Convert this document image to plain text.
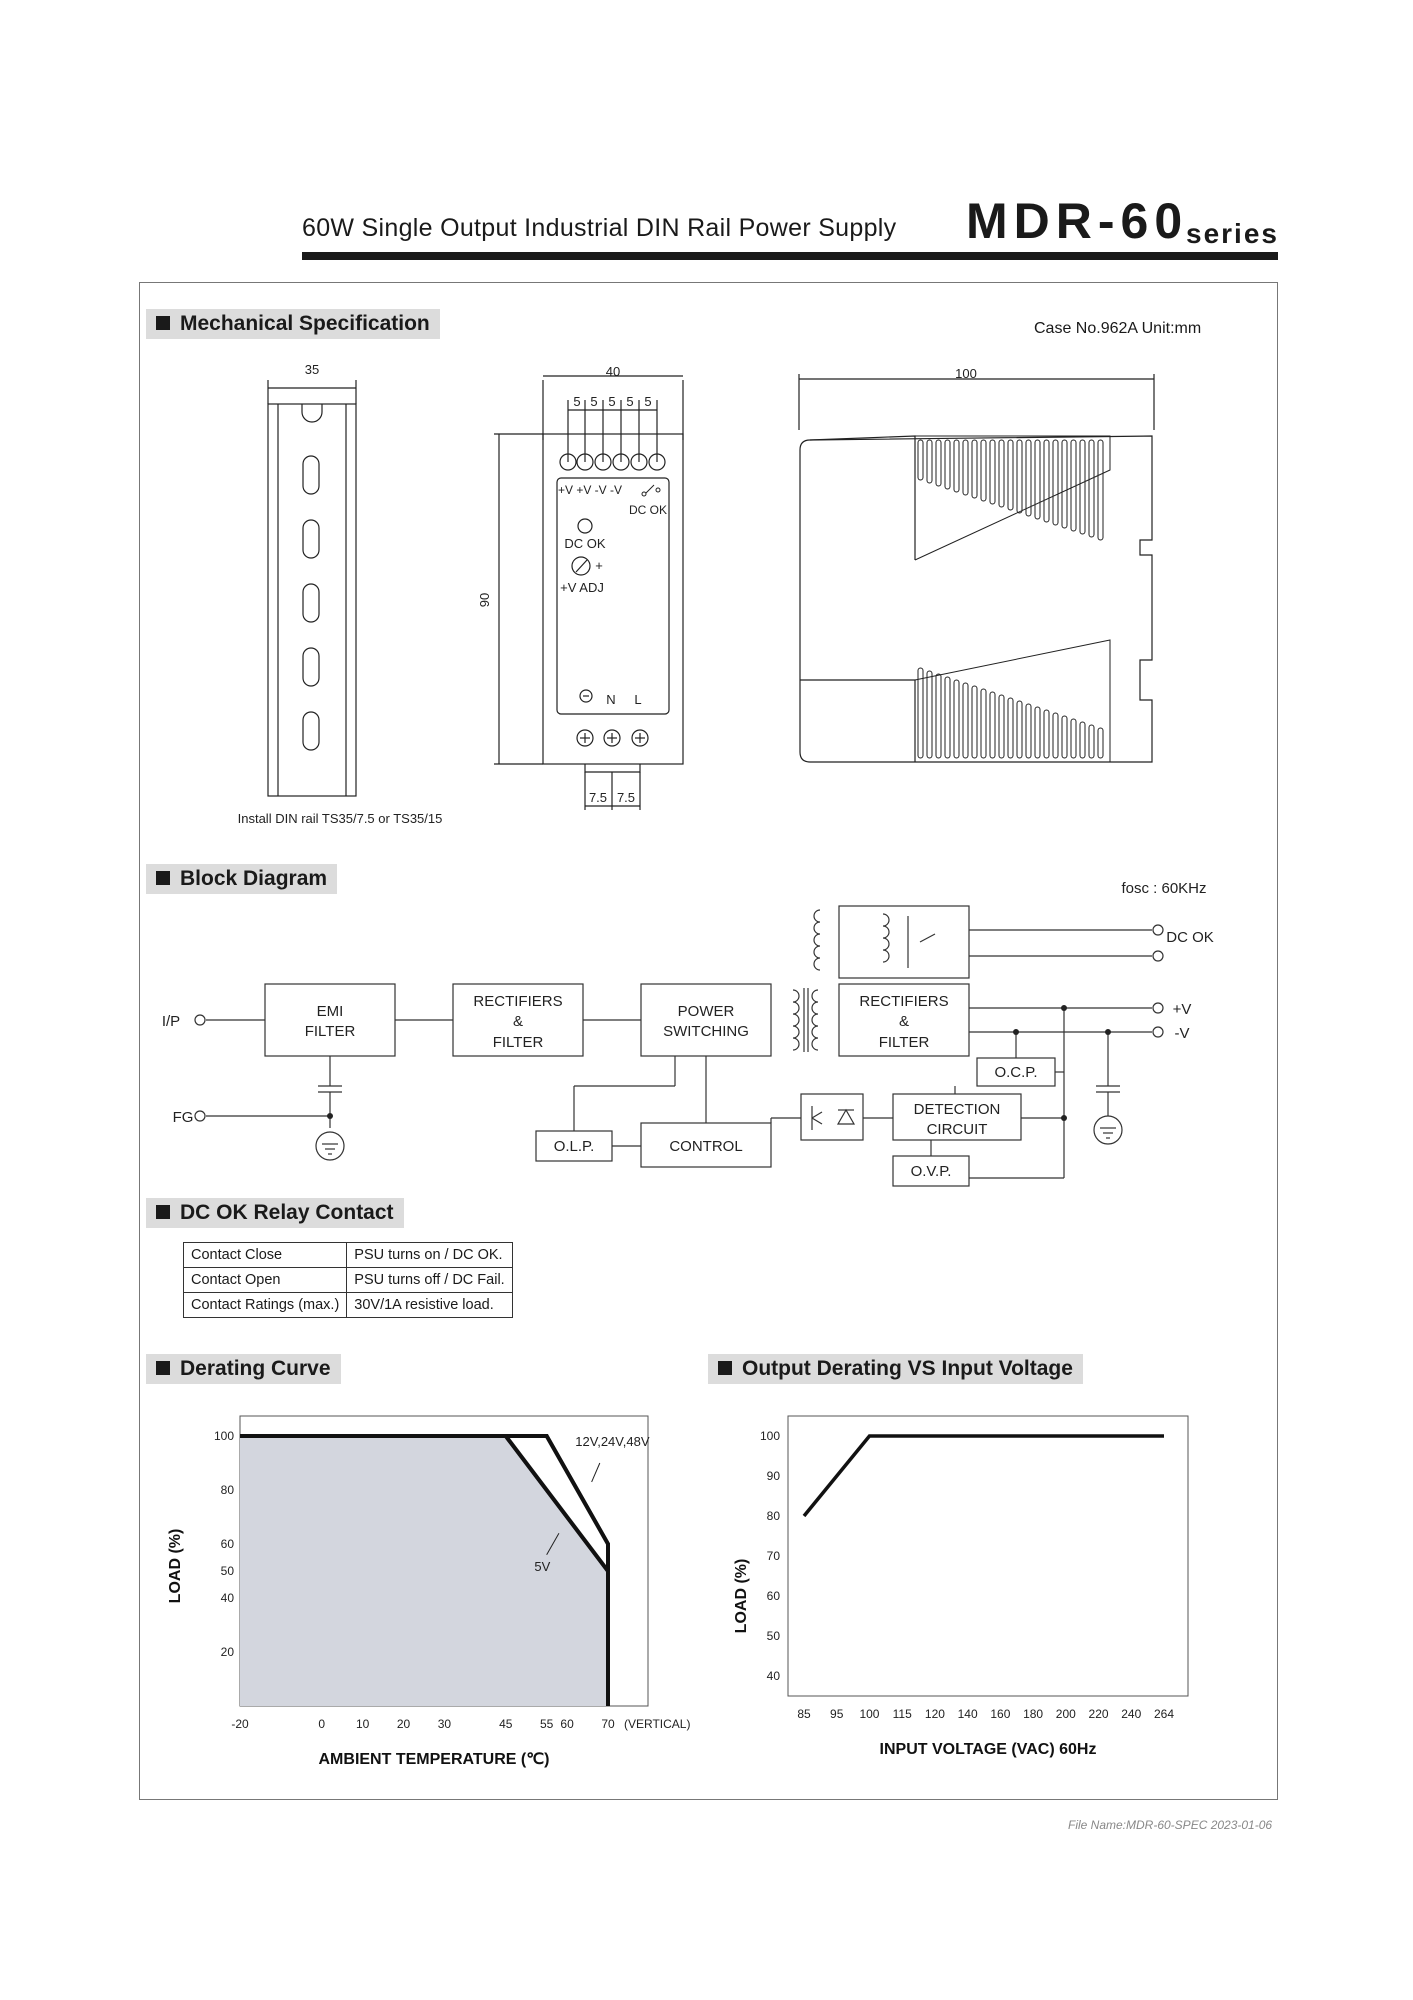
60W Single Output Industrial DIN Rail Power Supply MDR-60
series
Mechanical Specification
Block Diagram
DC OK Relay Contact
Derating Curve	Output Derating VS Input Voltage
Case No.962A Unit:mm
35
Install DIN rail TS35/7.5 or TS35/15
40
5 5 5 5 5
+V +V -V -V
DC OK
DC OK
+
+V ADJ
N L
7.5 7.5
100
90
fosc : 60KHz
DC OK
I/P
FG
+V
-V
EMI
FILTER
RECTIFIERS
&
FILTER
POWER
SWITCHING
RECTIFIERS
&
FILTER
O.C.P.
DETECTION
CIRCUIT
O.L.P.	CONTROL
O.V.P.
Contact Close	PSU turns on / DC OK.
Contact Open	PSU turns off / DC Fail.
Contact Ratings (max.)	30V/1A resistive load.
-20	0	10 20 30	45 55 60 70 (VERTICAL)
100
80
60
50
40
20
AMBIENT TEMPERATURE (℃)
LOAD (%)
12V,24V,48V
5V
85 95 100 115 120 140 160 180 200 220 240 264
100
90
80
70
60
50
40
INPUT VOLTAGE (VAC) 60Hz
LOAD (%)
File Name:MDR-60-SPEC 2023-01-06
